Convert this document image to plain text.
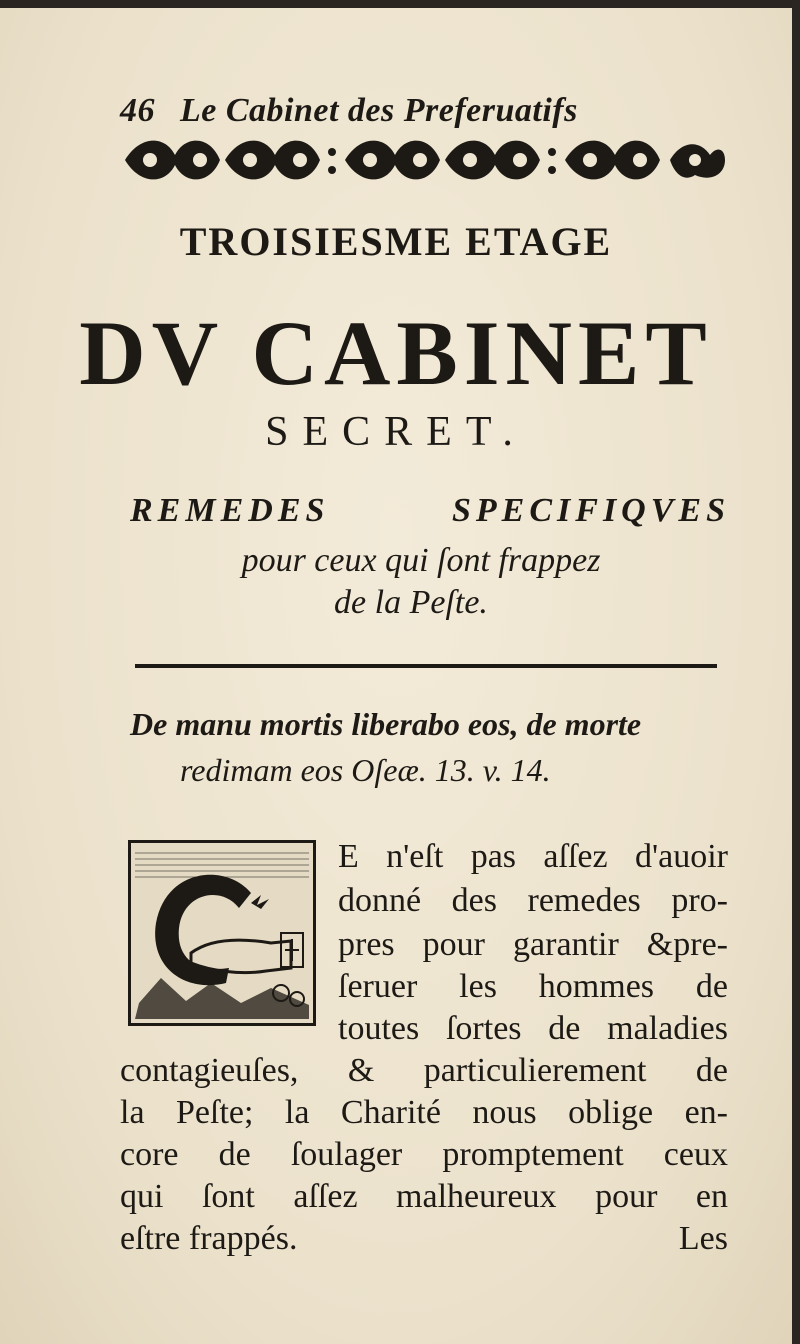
46 Le Cabinet des Preferuatifs
TROISIESME ETAGE
DV CABINET
SECRET.
REMEDES	SPECIFIQVES
pour ceux qui ſont frappez
de la Peſte.
De manu mortis liberabo eos, de morte
redimam eos Oſeæ. 13. v. 14.
E n'eſt pas aſſez d'auoir
donné des remedes pro-
pres pour garantir &pre-
ſeruer les hommes de
toutes ſortes de maladies
contagieuſes, & particulierement de
la Peſte; la Charité nous oblige en-
core de ſoulager promptement ceux
qui ſont aſſez malheureux pour en
eſtre frappés.	Les
